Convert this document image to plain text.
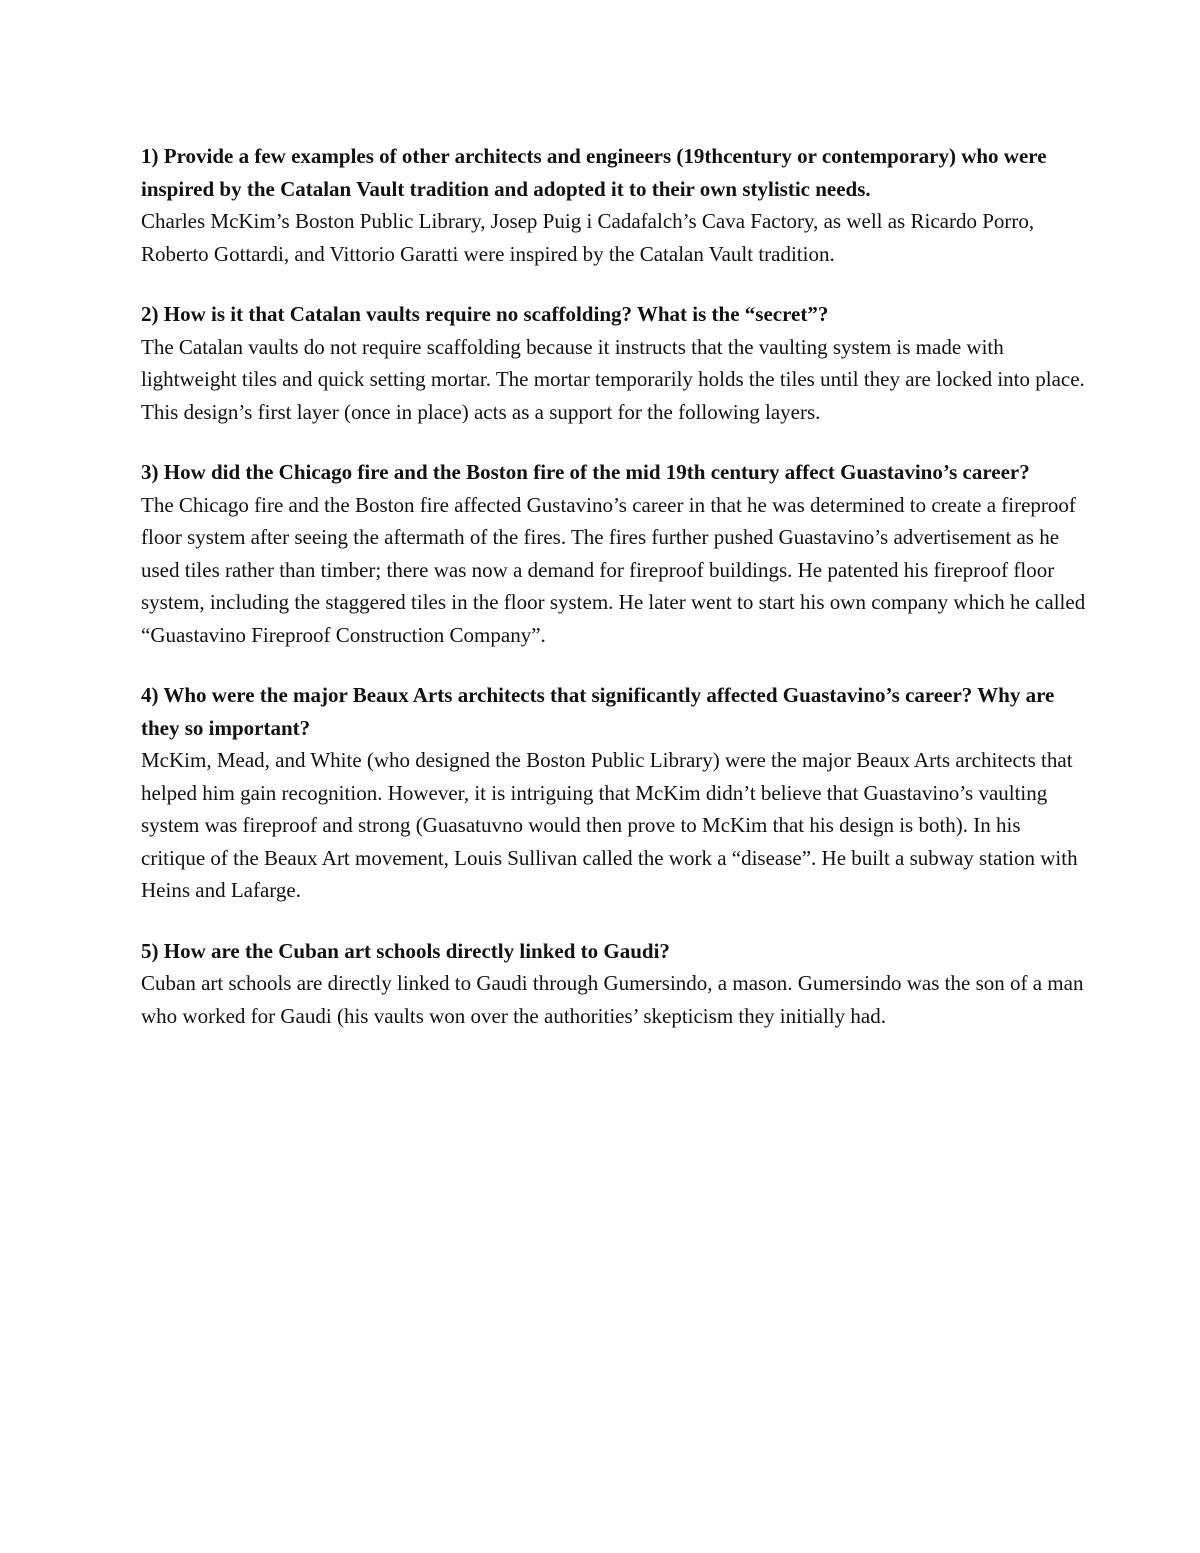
1) Provide a few examples of other architects and engineers (19thcentury or contemporary) who were inspired by the Catalan Vault tradition and adopted it to their own stylistic needs.

Charles McKim’s Boston Public Library, Josep Puig i Cadafalch’s Cava Factory, as well as Ricardo Porro, Roberto Gottardi, and Vittorio Garatti were inspired by the Catalan Vault tradition.

2) How is it that Catalan vaults require no scaffolding? What is the “secret”?

The Catalan vaults do not require scaffolding because it instructs that the vaulting system is made with lightweight tiles and quick setting mortar. The mortar temporarily holds the tiles until they are locked into place. This design’s first layer (once in place) acts as a support for the following layers.

3) How did the Chicago fire and the Boston fire of the mid 19th century affect Guastavino’s career?

The Chicago fire and the Boston fire affected Gustavino’s career in that he was determined to create a fireproof floor system after seeing the aftermath of the fires. The fires further pushed Guastavino’s advertisement as he used tiles rather than timber; there was now a demand for fireproof buildings. He patented his fireproof floor system, including the staggered tiles in the floor system. He later went to start his own company which he called “Guastavino Fireproof Construction Company”.

4) Who were the major Beaux Arts architects that significantly affected Guastavino’s career? Why are they so important?

McKim, Mead, and White (who designed the Boston Public Library) were the major Beaux Arts architects that helped him gain recognition. However, it is intriguing that McKim didn’t believe that Guastavino’s vaulting system was fireproof and strong (Guasatuvno would then prove to McKim that his design is both). In his critique of the Beaux Art movement, Louis Sullivan called the work a “disease”. He built a subway station with Heins and Lafarge.

5) How are the Cuban art schools directly linked to Gaudi?

Cuban art schools are directly linked to Gaudi through Gumersindo, a mason. Gumersindo was the son of a man who worked for Gaudi (his vaults won over the authorities’ skepticism they initially had.
